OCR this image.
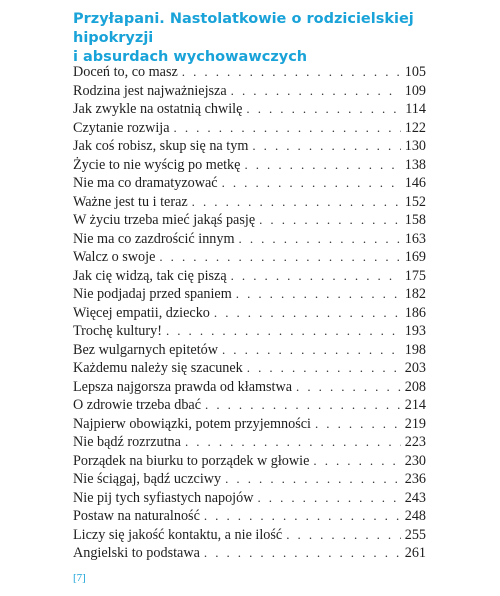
Przyłapani. Nastolatkowie o rodzicielskiej hipokryzji
i absurdach wychowawczych
Doceń to, co masz . . .	105
Rodzina jest najważniejsza . . .	109
Jak zwykle na ostatnią chwilę . . .	114
Czytanie rozwija . . .	122
Jak coś robisz, skup się na tym . . .	130
Życie to nie wyścig po metkę . . .	138
Nie ma co dramatyzować . . .	146
Ważne jest tu i teraz . . .	152
W życiu trzeba mieć jakąś pasję . . .	158
Nie ma co zazdrościć innym . . .	163
Walcz o swoje . . .	169
Jak cię widzą, tak cię piszą . . .	175
Nie podjadaj przed spaniem . . .	182
Więcej empatii, dziecko . . .	186
Trochę kultury! . . .	193
Bez wulgarnych epitetów . . .	198
Każdemu należy się szacunek . . .	203
Lepsza najgorsza prawda od kłamstwa . . .	208
O zdrowie trzeba dbać . . .	214
Najpierw obowiązki, potem przyjemności . . .	219
Nie bądź rozrzutna . . .	223
Porządek na biurku to porządek w głowie . . .	230
Nie ściągaj, bądź uczciwy . . .	236
Nie pij tych syfiastych napojów . . .	243
Postaw na naturalność . . .	248
Liczy się jakość kontaktu, a nie ilość . . .	255
Angielski to podstawa . . .	261
[7]
